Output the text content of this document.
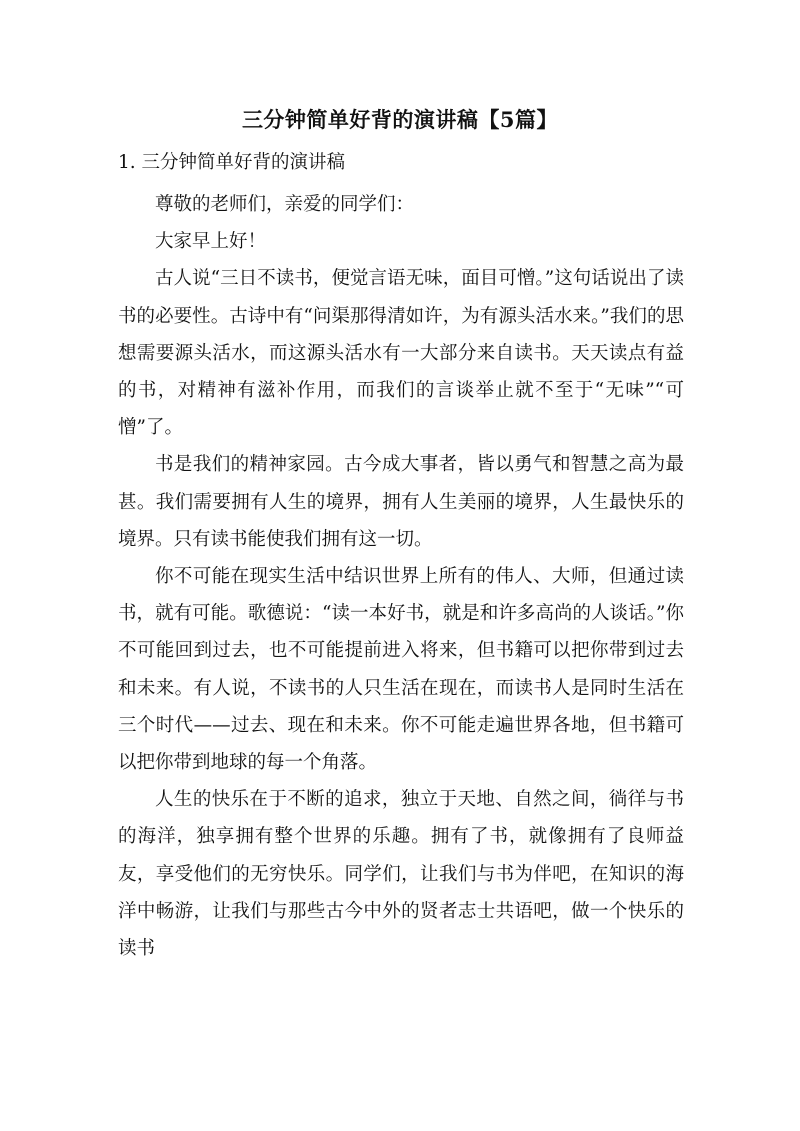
三分钟简单好背的演讲稿【5篇】
1. 三分钟简单好背的演讲稿

尊敬的老师们，亲爱的同学们：

大家早上好！

古人说“三日不读书，便觉言语无味，面目可憎。”这句话说出了读书的必要性。古诗中有“问渠那得清如许，为有源头活水来。”我们的思想需要源头活水，而这源头活水有一大部分来自读书。天天读点有益的书，对精神有滋补作用，而我们的言谈举止就不至于“无味”“可憎”了。

书是我们的精神家园。古今成大事者，皆以勇气和智慧之高为最甚。我们需要拥有人生的境界，拥有人生美丽的境界，人生最快乐的境界。只有读书能使我们拥有这一切。

你不可能在现实生活中结识世界上所有的伟人、大师，但通过读书，就有可能。歌德说：“读一本好书，就是和许多高尚的人谈话。”你不可能回到过去，也不可能提前进入将来，但书籍可以把你带到过去和未来。有人说，不读书的人只生活在现在，而读书人是同时生活在三个时代——过去、现在和未来。你不可能走遍世界各地，但书籍可以把你带到地球的每一个角落。

人生的快乐在于不断的追求，独立于天地、自然之间，徜徉与书的海洋，独享拥有整个世界的乐趣。拥有了书，就像拥有了良师益友，享受他们的无穷快乐。同学们，让我们与书为伴吧，在知识的海洋中畅游，让我们与那些古今中外的贤者志士共语吧，做一个快乐的读书
